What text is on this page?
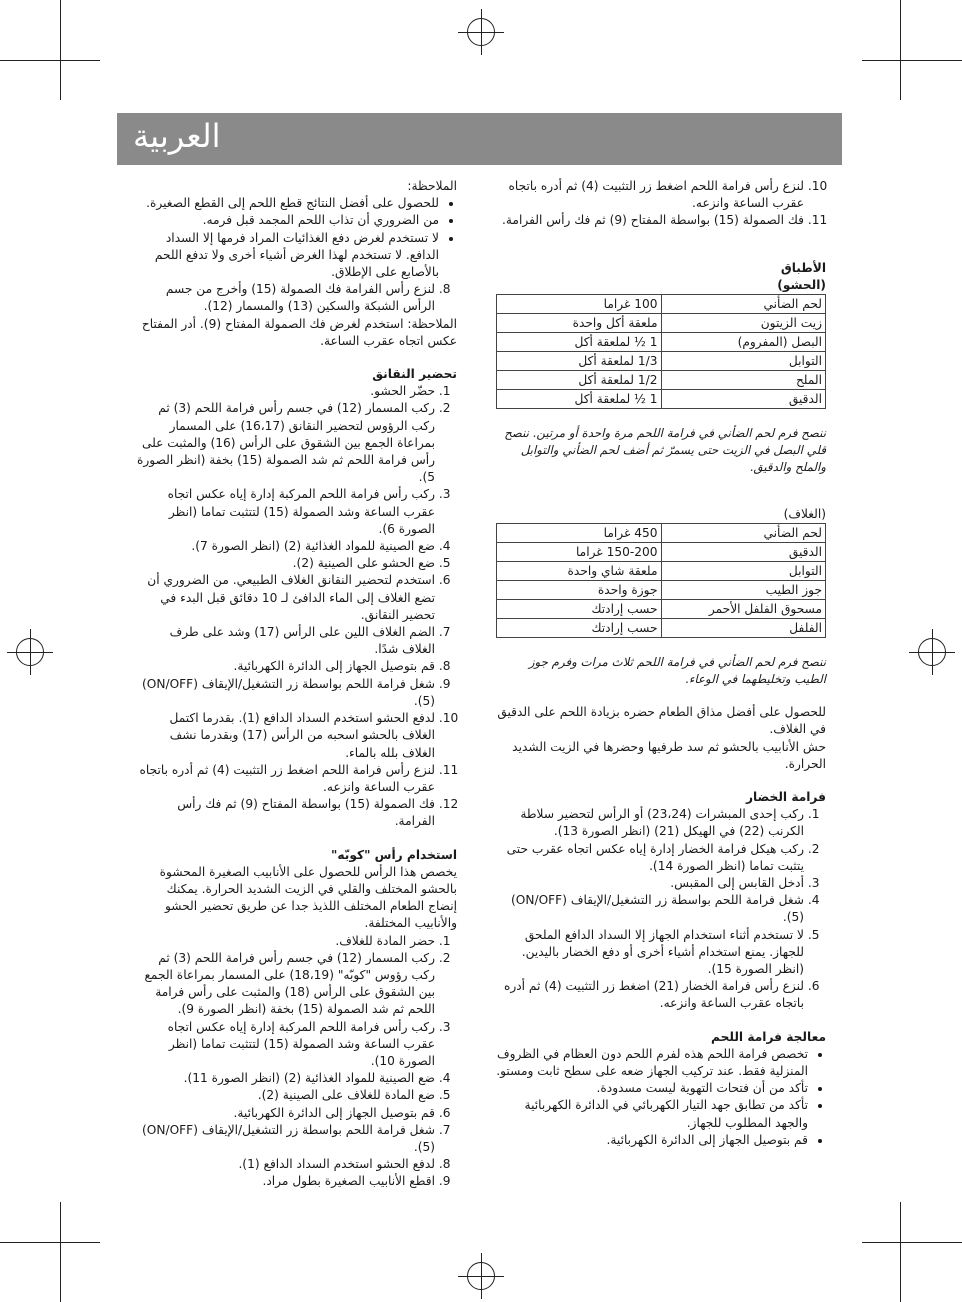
العربية
10. لنزع رأس فرامة اللحم اضغط زر التثبيت (4) ثم أدره باتجاه عقرب الساعة وانزعه.
11. فك الصمولة (15) بواسطة المفتاح (9) ثم فك رأس الفرامة.
الأطباق
(الحشو)
لحم الضأني	100 غراما
زيت الزيتون	ملعقة أكل واحدة
البصل (المفروم)	1 ½ لملعقة أكل
التوابل	1/3 لملعقة أكل
الملح	1/2 لملعقة أكل
الدقيق	1 ½ لملعقة أكل

ننصح فرم لحم الضأني في فرامة اللحم مرة واحدة أو مرتين. ننصح قلي البصل في الزيت حتى يسمرّ ثم أضف لحم الضأني والتوابل والملح والدقيق.

(الغلاف)

لحم الضأني	450 غراما
الدقيق	150-200 غراما
التوابل	ملعقة شاي واحدة
جوز الطيب	جوزة واحدة
مسحوق الفلفل الأحمر	حسب إرادتك
الفلفل	حسب إرادتك

ننصح فرم لحم الضأني في فرامة اللحم ثلاث مرات وفرم جوز الطيب وتخليطهما في الوعاء.

للحصول على أفضل مذاق الطعام حضره بزيادة اللحم على الدقيق في الغلاف.

حش الأنابيب بالحشو ثم سد طرفيها وحضرها في الزيت الشديد الحرارة.

فرامة الخضار
1. ركب إحدى المبشرات (23،24) أو الرأس لتحضير سلاطة الكرنب (22) في الهيكل (21) (انظر الصورة 13).
2. ركب هيكل فرامة الخضار إدارة إياه عكس اتجاه عقرب حتى يتثبت تماما (انظر الصورة 14).
3. أدخل القابس إلى المقبس.
4. شغل فرامة اللحم بواسطة زر التشغيل/الإيقاف (ON/OFF) (5).
5. لا تستخدم أثناء استخدام الجهاز إلا السداد الدافع الملحق للجهاز. يمنع استخدام أشياء أخرى أو دفع الخضار باليدين. (انظر الصورة 15).
6. لنزع رأس فرامة الخضار (21) اضغط زر التثبيت (4) ثم أدره باتجاه عقرب الساعة وانزعه.
معالجة فرامة اللحم
• تخصص فرامة اللحم هذه لفرم اللحم دون العظام في الظروف المنزلية فقط. عند تركيب الجهاز ضعه على سطح ثابت ومستو.
• تأكد من أن فتحات التهوية ليست مسدودة.
• تأكد من تطابق جهد التيار الكهربائي في الدائرة الكهربائية والجهد المطلوب للجهاز.
• قم بتوصيل الجهاز إلى الدائرة الكهربائية.

الملاحظة:

• للحصول على أفضل النتائج قطع اللحم إلى القطع الصغيرة.
• من الضروري أن تذاب اللحم المجمد قبل فرمه.
• لا تستخدم لغرض دفع الغذائيات المراد فرمها إلا السداد الدافع. لا تستخدم لهذا الغرض أشياء أخرى ولا تدفع اللحم بالأصابع على الإطلاق.
8. لنزع رأس الفرامة فك الصمولة (15) وأخرج من جسم الرأس الشبكة والسكين (13) والمسمار (12).

الملاحظة: استخدم لغرض فك الصمولة المفتاح (9). أدر المفتاح عكس اتجاه عقرب الساعة.

تحضير النقانق
1. حضّر الحشو.
2. ركب المسمار (12) في جسم رأس فرامة اللحم (3) ثم ركب الرؤوس لتحضير النقانق (16،17) على المسمار بمراعاة الجمع بين الشقوق على الرأس (16) والمثبت على رأس فرامة اللحم ثم شد الصمولة (15) بخفة (انظر الصورة 5).
3. ركب رأس فرامة اللحم المركبة إدارة إياه عكس اتجاه عقرب الساعة وشد الصمولة (15) لتتثبت تماما (انظر الصورة 6).
4. ضع الصينية للمواد الغذائية (2) (انظر الصورة 7).
5. ضع الحشو على الصينية (2).
6. استخدم لتحضير النقانق الغلاف الطبيعي. من الضروري أن تضع الغلاف إلى الماء الدافئ لـ 10 دقائق قبل البدء في تحضير النقانق.
7. الضم الغلاف اللين على الرأس (17) وشد على طرف الغلاف شدًا.
8. قم بتوصيل الجهاز إلى الدائرة الكهربائية.
9. شغل فرامة اللحم بواسطة زر التشغيل/الإيقاف (ON/OFF) (5).
10. لدفع الحشو استخدم السداد الدافع (1). بقدرما اكتمل الغلاف بالحشو اسحبه من الرأس (17) وبقدرما نشف الغلاف بلله بالماء.
11. لنزع رأس فرامة اللحم اضغط زر التثبيت (4) ثم أدره باتجاه عقرب الساعة وانزعه.
12. فك الصمولة (15) بواسطة المفتاح (9) ثم فك رأس الفرامة.
استخدام رأس "كوبّه"

يخصص هذا الرأس للحصول على الأنابيب الصغيرة المحشوة بالحشو المختلف والقلي في الزيت الشديد الحرارة. يمكنك إنضاج الطعام المختلف اللذيذ جدا عن طريق تحضير الحشو والأنابيب المختلفة.

1. حضر المادة للغلاف.
2. ركب المسمار (12) في جسم رأس فرامة اللحم (3) ثم ركب رؤوس "كوبّه" (18،19) على المسمار بمراعاة الجمع بين الشقوق على الرأس (18) والمثبت على رأس فرامة اللحم ثم شد الصمولة (15) بخفة (انظر الصورة 9).
3. ركب رأس فرامة اللحم المركبة إدارة إياه عكس اتجاه عقرب الساعة وشد الصمولة (15) لتتثبت تماما (انظر الصورة 10).
4. ضع الصينية للمواد الغذائية (2) (انظر الصورة 11).
5. ضع المادة للغلاف على الصينية (2).
6. قم بتوصيل الجهاز إلى الدائرة الكهربائية.
7. شغل فرامة اللحم بواسطة زر التشغيل/الإيقاف (ON/OFF) (5).
8. لدفع الحشو استخدم السداد الدافع (1).
9. اقطع الأنابيب الصغيرة بطول مراد.
